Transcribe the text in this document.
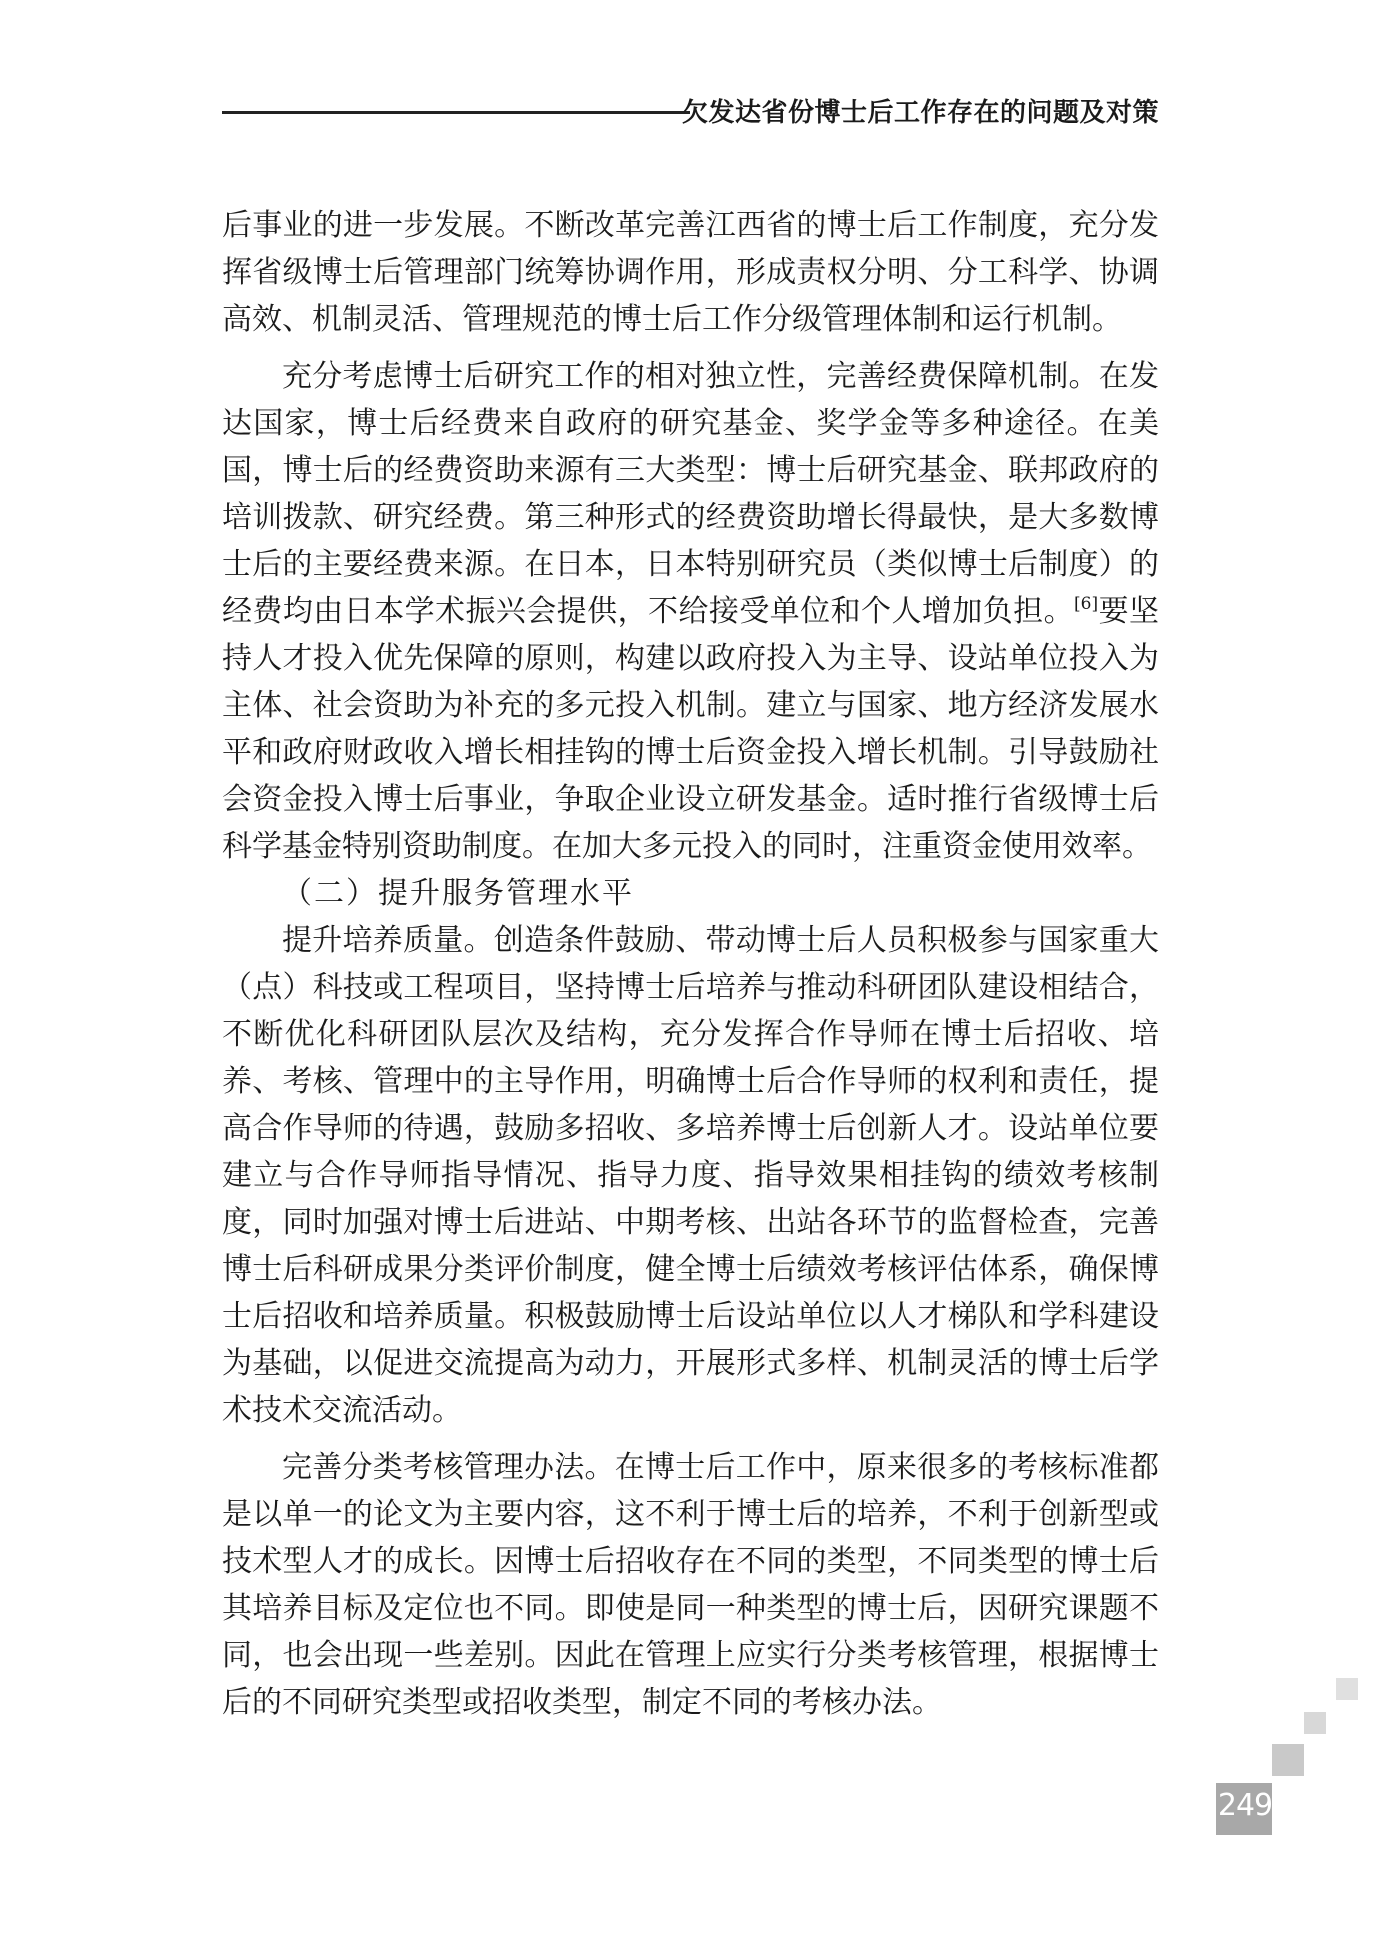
欠发达省份博士后工作存在的问题及对策

后事业的进一步发展。不断改革完善江西省的博士后工作制度，充分发挥省级博士后管理部门统筹协调作用，形成责权分明、分工科学、协调高效、机制灵活、管理规范的博士后工作分级管理体制和运行机制。

充分考虑博士后研究工作的相对独立性，完善经费保障机制。在发达国家，博士后经费来自政府的研究基金、奖学金等多种途径。在美国，博士后的经费资助来源有三大类型：博士后研究基金、联邦政府的培训拨款、研究经费。第三种形式的经费资助增长得最快，是大多数博士后的主要经费来源。在日本，日本特别研究员（类似博士后制度）的经费均由日本学术振兴会提供，不给接受单位和个人增加负担。[6]要坚持人才投入优先保障的原则，构建以政府投入为主导、设站单位投入为主体、社会资助为补充的多元投入机制。建立与国家、地方经济发展水平和政府财政收入增长相挂钩的博士后资金投入增长机制。引导鼓励社会资金投入博士后事业，争取企业设立研发基金。适时推行省级博士后科学基金特别资助制度。在加大多元投入的同时，注重资金使用效率。

（二）提升服务管理水平

提升培养质量。创造条件鼓励、带动博士后人员积极参与国家重大（点）科技或工程项目，坚持博士后培养与推动科研团队建设相结合，不断优化科研团队层次及结构，充分发挥合作导师在博士后招收、培养、考核、管理中的主导作用，明确博士后合作导师的权利和责任，提高合作导师的待遇，鼓励多招收、多培养博士后创新人才。设站单位要建立与合作导师指导情况、指导力度、指导效果相挂钩的绩效考核制度，同时加强对博士后进站、中期考核、出站各环节的监督检查，完善博士后科研成果分类评价制度，健全博士后绩效考核评估体系，确保博士后招收和培养质量。积极鼓励博士后设站单位以人才梯队和学科建设为基础，以促进交流提高为动力，开展形式多样、机制灵活的博士后学术技术交流活动。

完善分类考核管理办法。在博士后工作中，原来很多的考核标准都是以单一的论文为主要内容，这不利于博士后的培养，不利于创新型或技术型人才的成长。因博士后招收存在不同的类型，不同类型的博士后其培养目标及定位也不同。即使是同一种类型的博士后，因研究课题不同，也会出现一些差别。因此在管理上应实行分类考核管理，根据博士后的不同研究类型或招收类型，制定不同的考核办法。

249
